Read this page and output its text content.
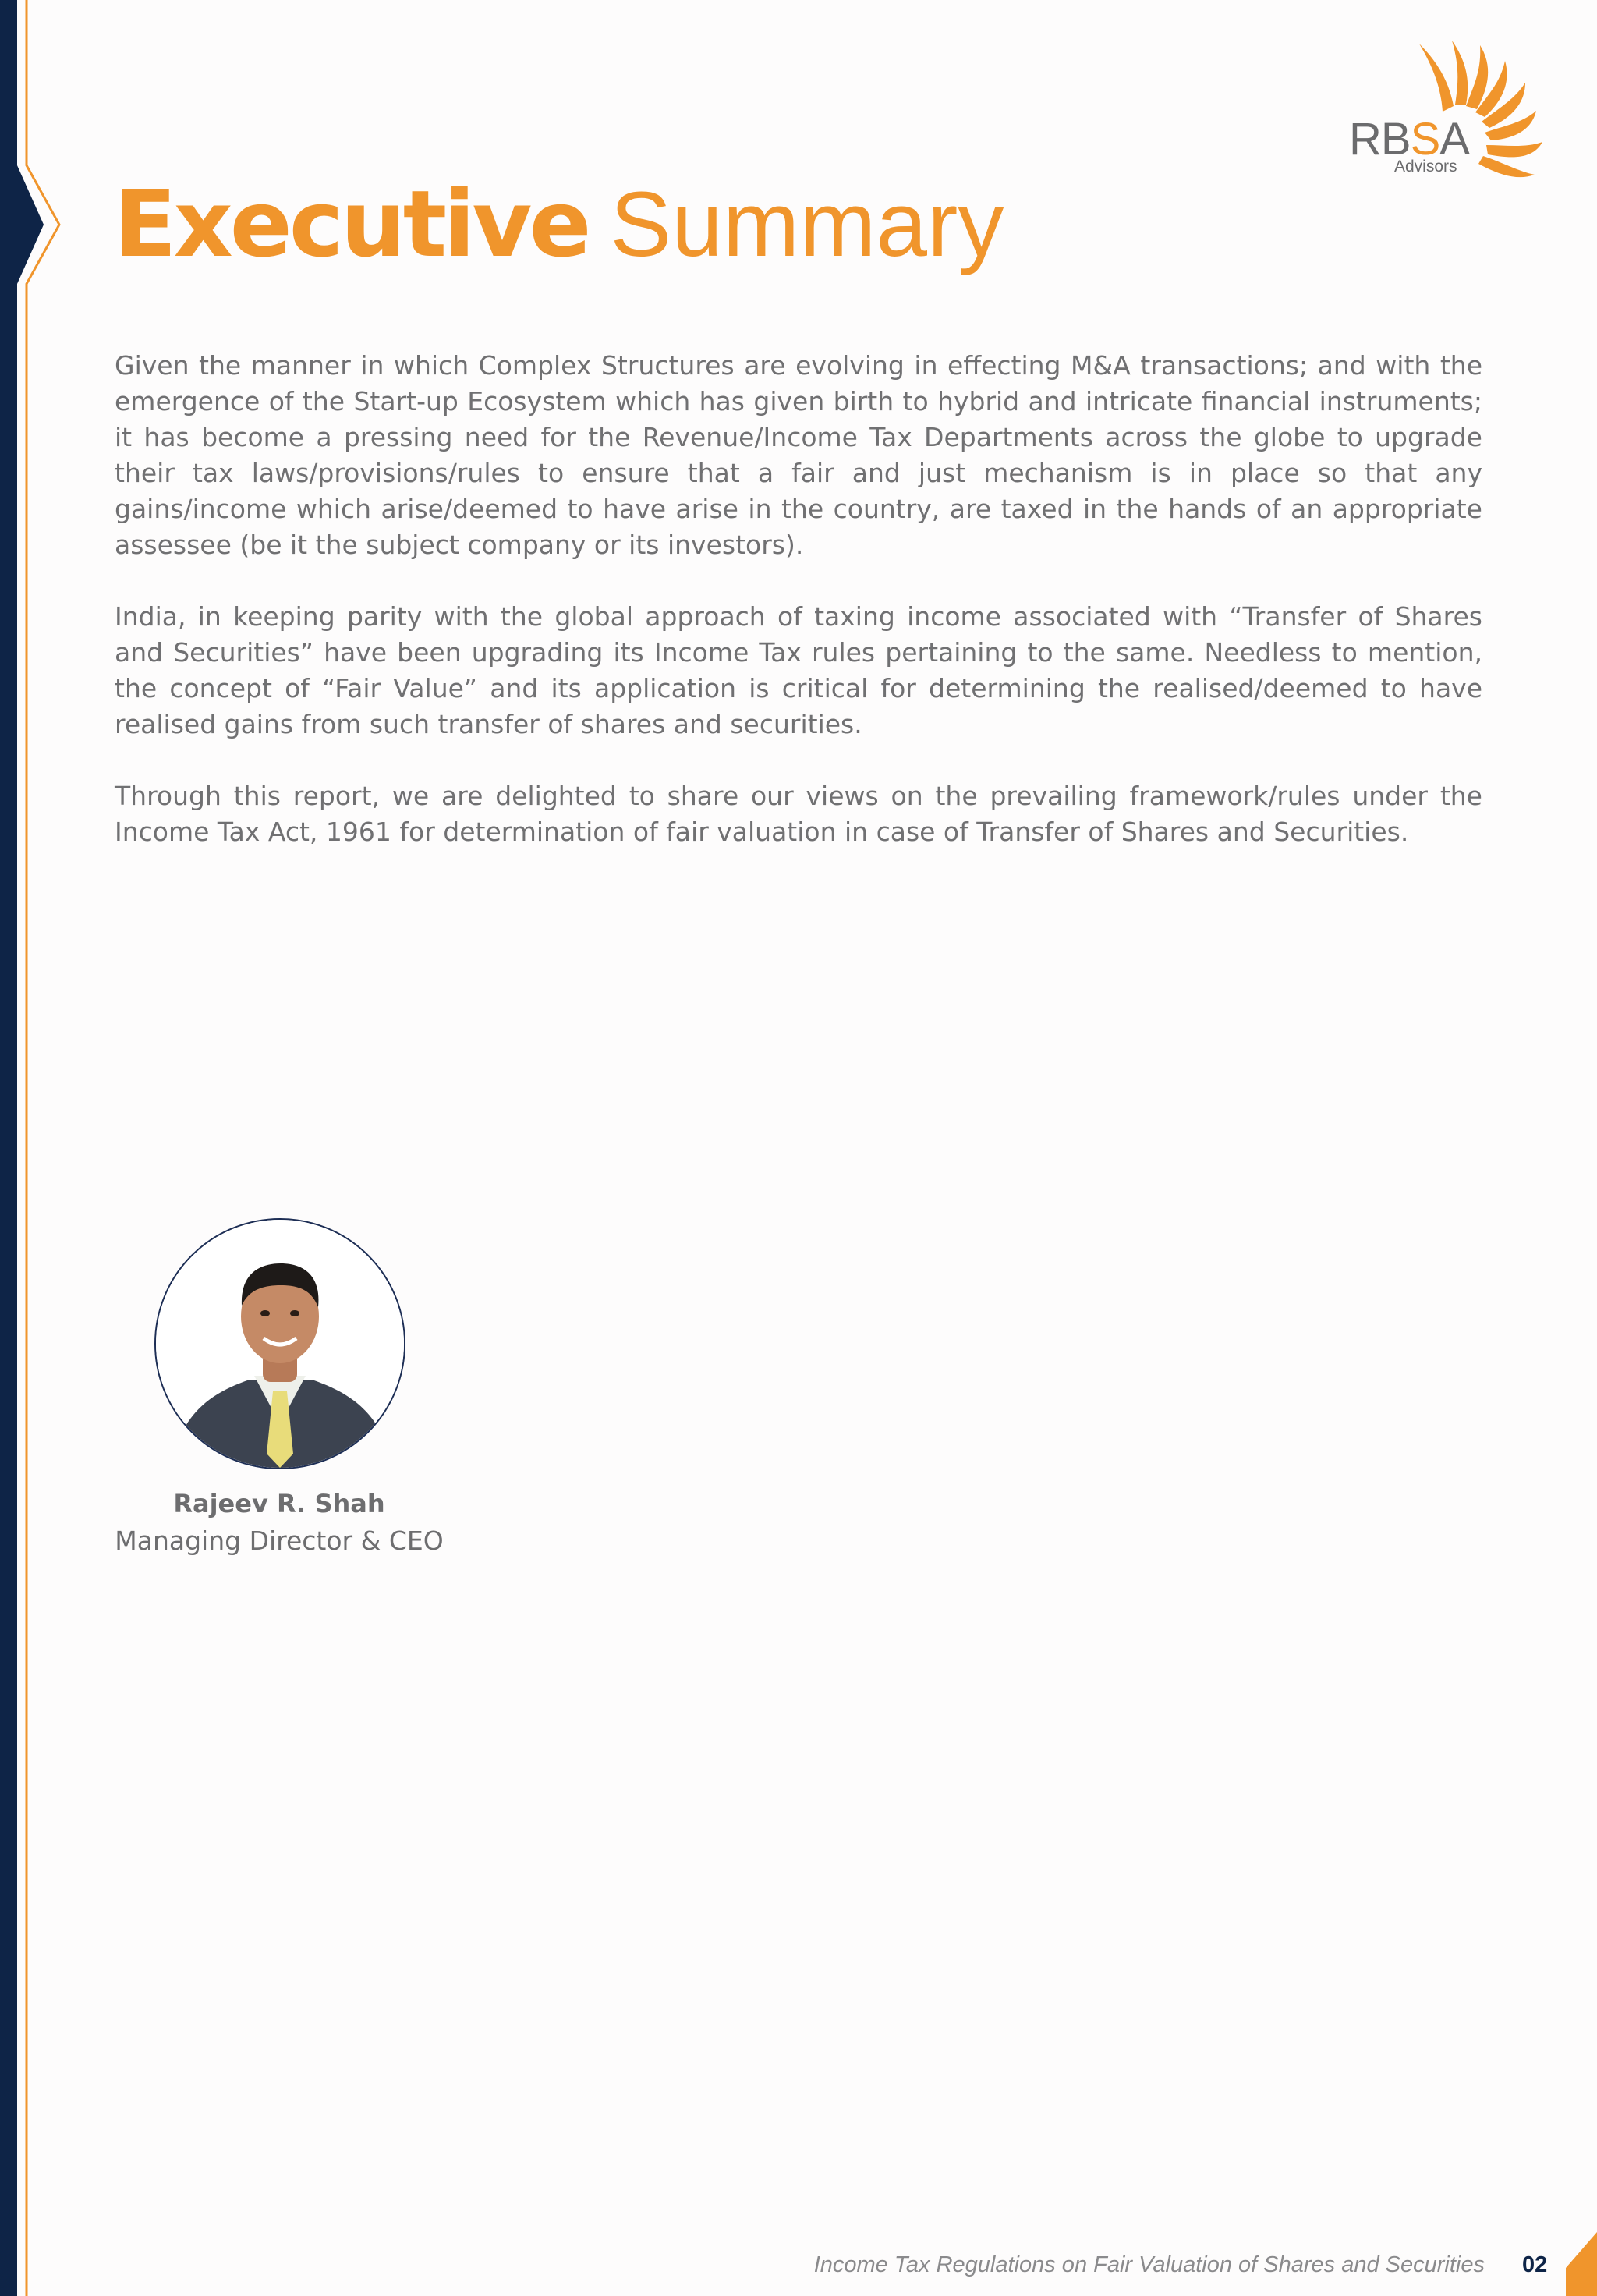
RBSA
Advisors
Executive Summary

Given the manner in which Complex Structures are evolving in effecting M&A transactions; and with the emergence of the Start-up Ecosystem which has given birth to hybrid and intricate financial instruments; it has become a pressing need for the Revenue/Income Tax Departments across the globe to upgrade their tax laws/provisions/rules to ensure that a fair and just mechanism is in place so that any gains/income which arise/deemed to have arise in the country, are taxed in the hands of an appropriate assessee (be it the subject company or its investors).

India, in keeping parity with the global approach of taxing income associated with “Transfer of Shares and Securities” have been upgrading its Income Tax rules pertaining to the same. Needless to mention, the concept of “Fair Value” and its application is critical for determining the realised/deemed to have realised gains from such transfer of shares and securities.

Through this report, we are delighted to share our views on the prevailing framework/rules under the Income Tax Act, 1961 for determination of fair valuation in case of Transfer of Shares and Securities.

Rajeev R. Shah
Managing Director & CEO
Income Tax Regulations on Fair Valuation of Shares and Securities 02
